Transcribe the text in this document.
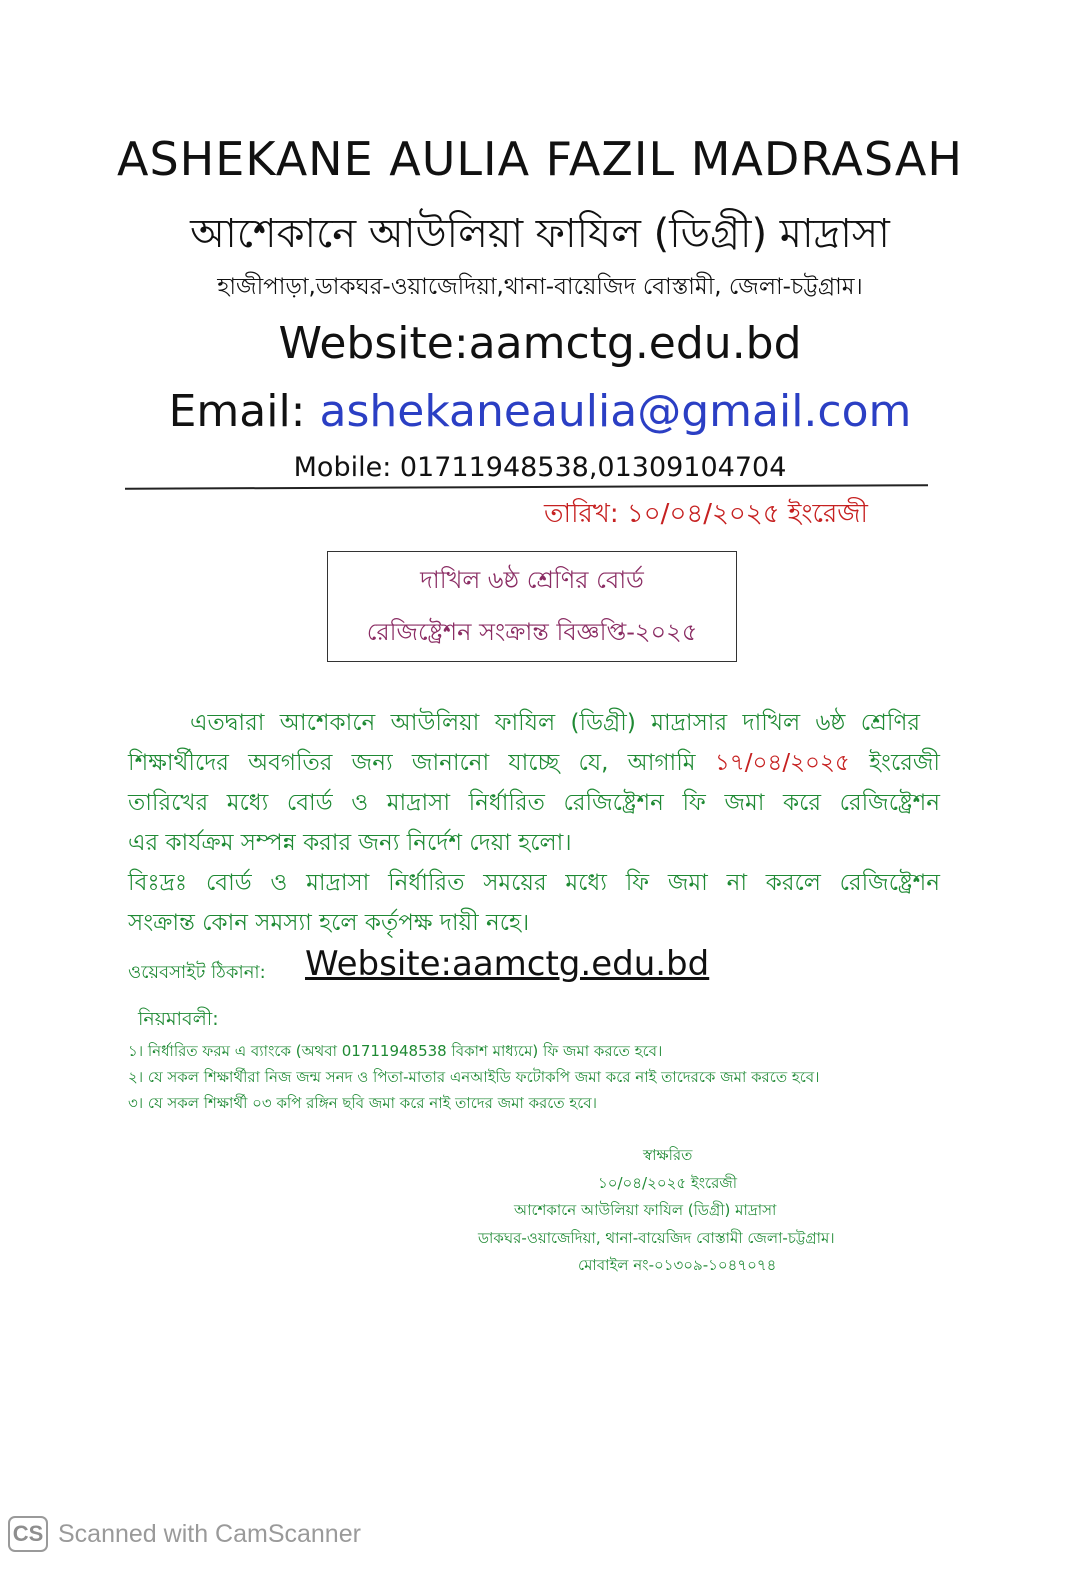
ASHEKANE AULIA FAZIL MADRASAH
আশেকানে আউলিয়া ফাযিল (ডিগ্রী) মাদ্রাসা
হাজীপাড়া,ডাকঘর-ওয়াজেদিয়া,থানা-বায়েজিদ বোস্তামী, জেলা-চট্টগ্রাম।
Website:aamctg.edu.bd
Email: ashekaneaulia@gmail.com
Mobile: 01711948538,01309104704
তারিখ: ১০/০৪/২০২৫ ইংরেজী
দাখিল ৬ষ্ঠ শ্রেণির বোর্ড
রেজিষ্ট্রেশন সংক্রান্ত বিজ্ঞপ্তি-২০২৫
এতদ্বারা আশেকানে আউলিয়া ফাযিল (ডিগ্রী) মাদ্রাসার দাখিল ৬ষ্ঠ শ্রেণির
শিক্ষার্থীদের অবগতির জন্য জানানো যাচ্ছে যে, আগামি ১৭/০৪/২০২৫ ইংরেজী
তারিখের মধ্যে বোর্ড ও মাদ্রাসা নির্ধারিত রেজিষ্ট্রেশন ফি জমা করে রেজিষ্ট্রেশন
এর কার্যক্রম সম্পন্ন করার জন্য নির্দেশ দেয়া হলো।
বিঃদ্রঃ বোর্ড ও মাদ্রাসা নির্ধারিত সময়ের মধ্যে ফি জমা না করলে রেজিষ্ট্রেশন
সংক্রান্ত কোন সমস্যা হলে কর্তৃপক্ষ দায়ী নহে।
ওয়েবসাইট ঠিকানা: Website:aamctg.edu.bd
নিয়মাবলী:
১। নির্ধারিত ফরম এ ব্যাংকে (অথবা 01711948538 বিকাশ মাধ্যমে) ফি জমা করতে হবে।
২। যে সকল শিক্ষার্থীরা নিজ জন্ম সনদ ও পিতা-মাতার এনআইডি ফটোকপি জমা করে নাই তাদেরকে জমা করতে হবে।
৩। যে সকল শিক্ষার্থী ০৩ কপি রঙ্গিন ছবি জমা করে নাই তাদের জমা করতে হবে।
স্বাক্ষরিত
১০/০৪/২০২৫ ইংরেজী
আশেকানে আউলিয়া ফাযিল (ডিগ্রী) মাদ্রাসা
ডাকঘর-ওয়াজেদিয়া, থানা-বায়েজিদ বোস্তামী জেলা-চট্টগ্রাম।
মোবাইল নং-০১৩০৯-১০৪৭০৭৪
CS Scanned with CamScanner
